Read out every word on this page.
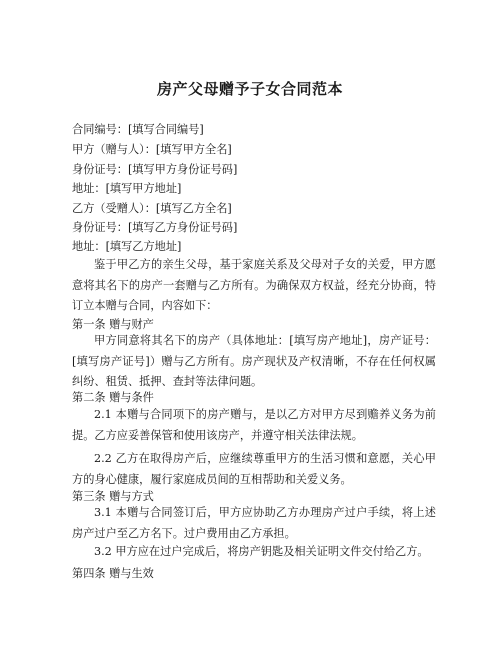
房产父母赠予子女合同范本
合同编号：[填写合同编号]
甲方（赠与人）：[填写甲方全名]
身份证号：[填写甲方身份证号码]
地址：[填写甲方地址]
乙方（受赠人）：[填写乙方全名]
身份证号：[填写乙方身份证号码]
地址：[填写乙方地址]
鉴于甲乙方的亲生父母，基于家庭关系及父母对子女的关爱，甲方愿意将其名下的房产一套赠与乙方所有。为确保双方权益，经充分协商，特订立本赠与合同，内容如下：
第一条 赠与财产
甲方同意将其名下的房产（具体地址：[填写房产地址]，房产证号：[填写房产证号]）赠与乙方所有。房产现状及产权清晰，不存在任何权属纠纷、租赁、抵押、查封等法律问题。
第二条 赠与条件
2.1 本赠与合同项下的房产赠与，是以乙方对甲方尽到赡养义务为前提。乙方应妥善保管和使用该房产，并遵守相关法律法规。
2.2 乙方在取得房产后，应继续尊重甲方的生活习惯和意愿，关心甲方的身心健康，履行家庭成员间的互相帮助和关爱义务。
第三条 赠与方式
3.1 本赠与合同签订后，甲方应协助乙方办理房产过户手续，将上述房产过户至乙方名下。过户费用由乙方承担。
3.2 甲方应在过户完成后，将房产钥匙及相关证明文件交付给乙方。
第四条 赠与生效
